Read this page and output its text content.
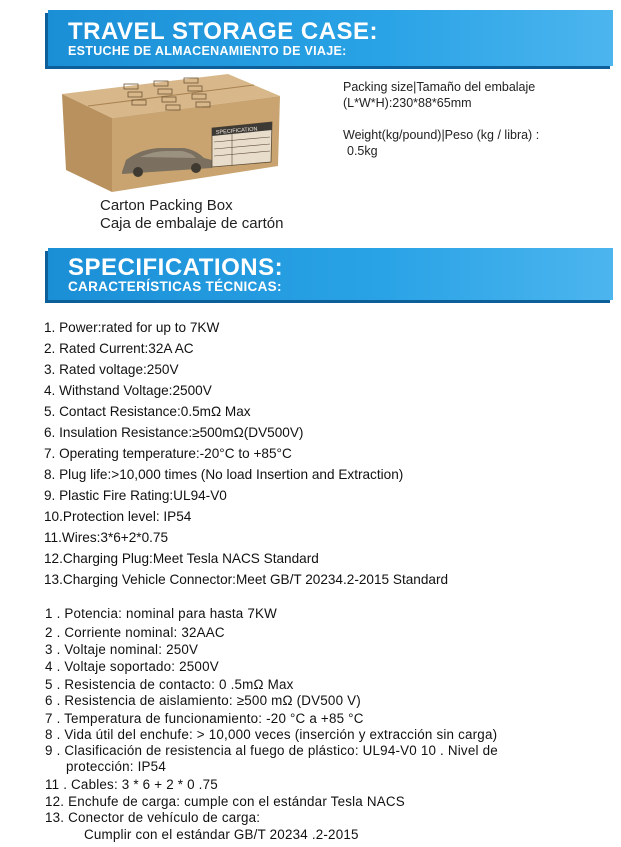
TRAVEL STORAGE CASE:
ESTUCHE DE ALMACENAMIENTO DE VIAJE:
SPECIFICATION
Packing size|Tamaño del embalaje
(L*W*H):230*88*65mm
Weight(kg/pound)|Peso (kg / libra) :
0.5kg
Carton Packing Box
Caja de embalaje de cartón
SPECIFICATIONS:
CARACTERÍSTICAS TÉCNICAS:
1. Power:rated for up to 7KW
2. Rated Current:32A AC
3. Rated voltage:250V
4. Withstand Voltage:2500V
5. Contact Resistance:0.5mΩ Max
6. Insulation Resistance:≥500mΩ(DV500V)
7. Operating temperature:-20°C to +85°C
8. Plug life:>10,000 times (No load Insertion and Extraction)
9. Plastic Fire Rating:UL94-V0
10.Protection level: IP54
11.Wires:3*6+2*0.75
12.Charging Plug:Meet Tesla NACS Standard
13.Charging Vehicle Connector:Meet GB/T 20234.2-2015 Standard
1 . Potencia: nominal para hasta 7KW
2 . Corriente nominal: 32AAC
3 . Voltaje nominal: 250V
4 . Voltaje soportado: 2500V
5 . Resistencia de contacto: 0 .5mΩ Max
6 . Resistencia de aislamiento: ≥500 mΩ (DV500 V)
7 . Temperatura de funcionamiento: -20 °C a +85 °C
8 . Vida útil del enchufe: > 10,000 veces (inserción y extracción sin carga)
9 . Clasificación de resistencia al fuego de plástico: UL94-V0 10 . Nivel de
protección: IP54
11 . Cables: 3 * 6 + 2 * 0 .75
12. Enchufe de carga: cumple con el estándar Tesla NACS
13. Conector de vehículo de carga:
Cumplir con el estándar GB/T 20234 .2-2015
